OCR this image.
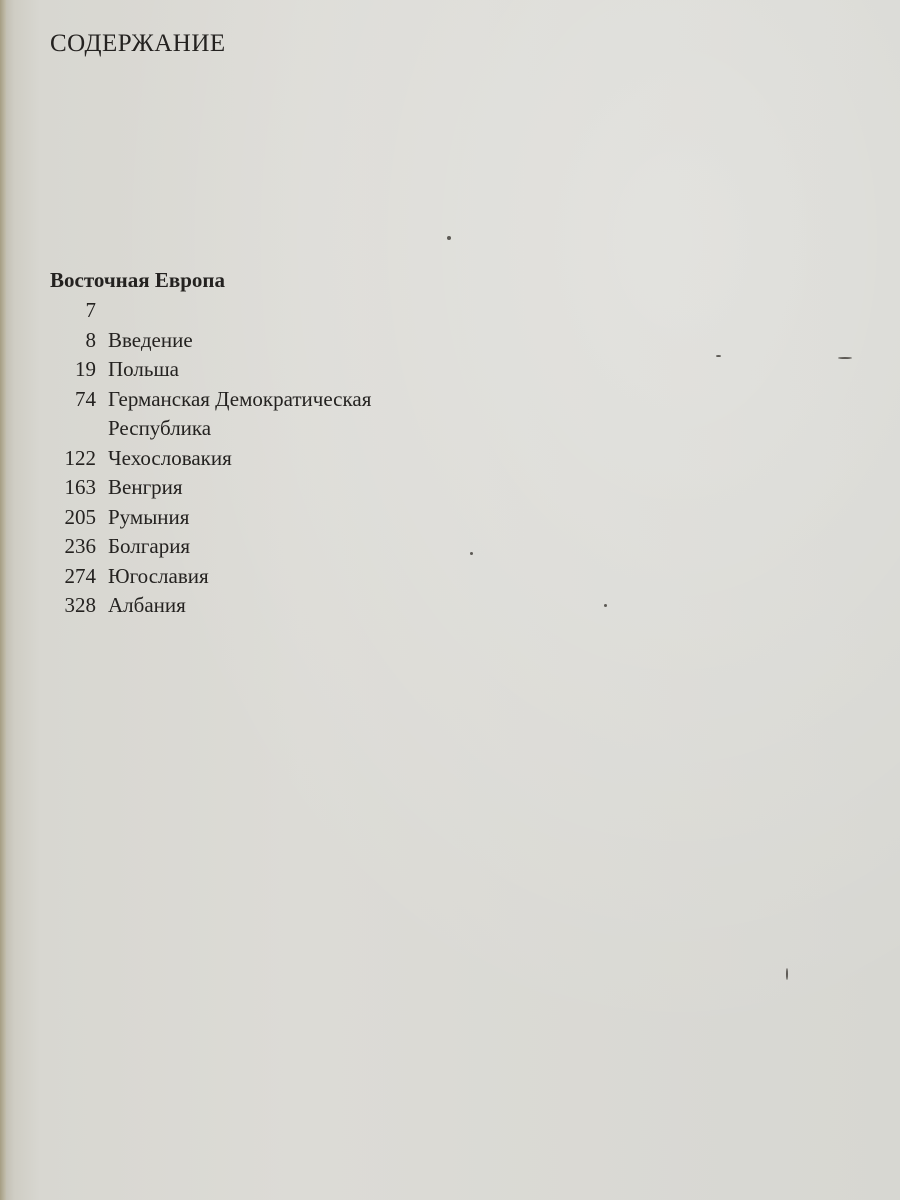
СОДЕРЖАНИЕ
Восточная Европа
7
8 Введение
19 Польша
74 Германская Демократическая Республика
122 Чехословакия
163 Венгрия
205 Румыния
236 Болгария
274 Югославия
328 Албания
